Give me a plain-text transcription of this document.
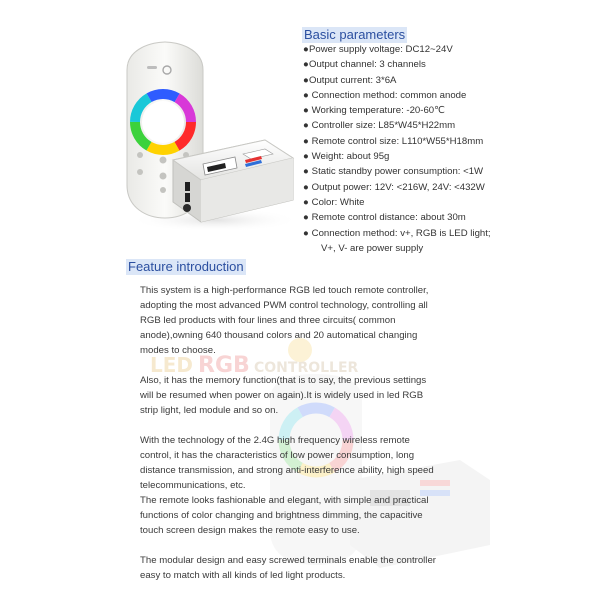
LED RGB CONTROLLER
Basic parameters
●Power supply voltage: DC12~24V
●Output channel: 3 channels
●Output current: 3*6A
● Connection method: common anode
● Working temperature: -20-60℃
● Controller size: L85*W45*H22mm
● Remote control size: L110*W55*H18mm
● Weight: about 95g
● Static standby power consumption: <1W
● Output power: 12V: <216W, 24V: <432W
● Color: White
● Remote control distance: about 30m
● Connection method: v+, RGB is LED light;
V+, V- are power supply
Feature introduction

This system is a high-performance RGB led touch remote controller,

adopting the most advanced PWM control technology, controlling all

RGB led products with four lines and three circuits( common

anode),owning 640 thousand colors and 20 automatical changing

modes to choose.

Also, it has the memory function(that is to say, the previous settings

will be resumed when power on again).It is widely used in led RGB

strip light, led module and so on.

With the technology of the 2.4G high frequency wireless remote

control, it has the characteristics of low power consumption, long

distance transmission, and strong anti-interference ability, high speed

telecommunications, etc.

The remote looks fashionable and elegant, with simple and practical

functions of color changing and brightness dimming, the capacitive

touch screen design makes the remote easy to use.

The modular design and easy screwed terminals enable the controller

easy to match with all kinds of led light products.
